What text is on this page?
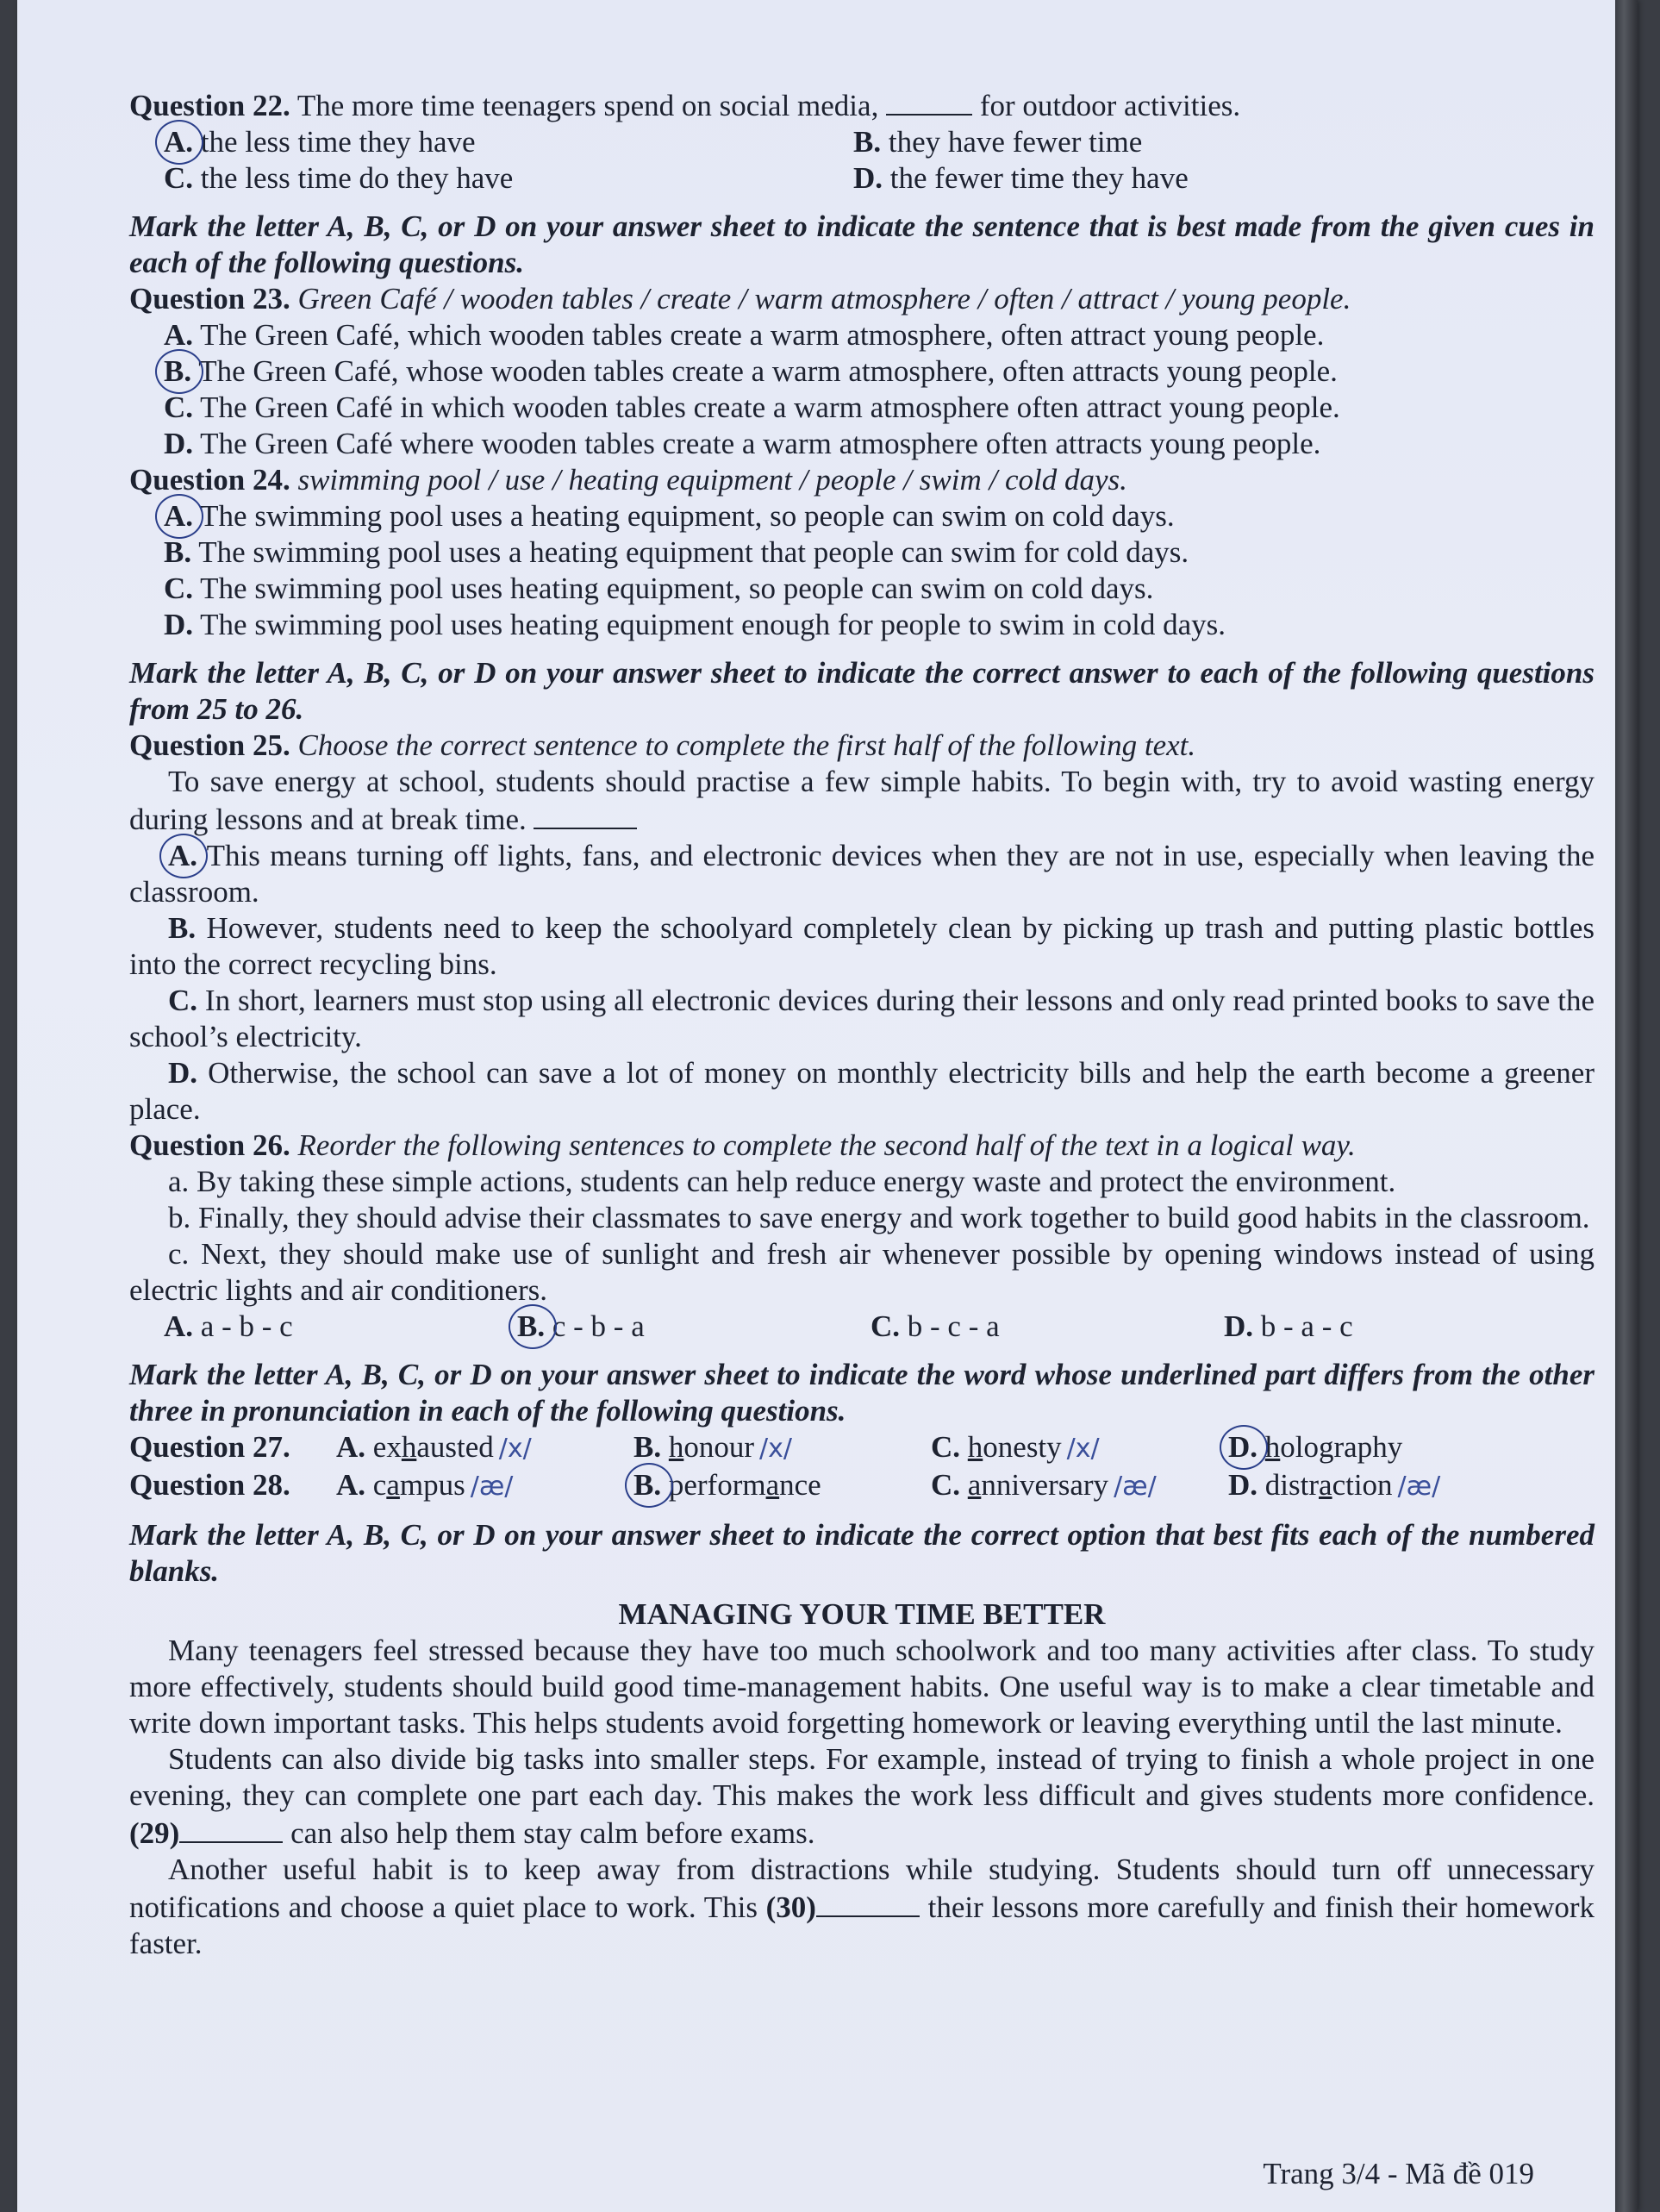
Question 22. The more time teenagers spend on social media,	for outdoor activities.
A. the less time they have	B. they have fewer time
C. the less time do they have	D. the fewer time they have
Mark the letter A, B, C, or D on your answer sheet to indicate the sentence that is best made from the given cues in each of the following questions.
Question 23. Green Café / wooden tables / create / warm atmosphere / often / attract / young people.
A. The Green Café, which wooden tables create a warm atmosphere, often attract young people.
B. The Green Café, whose wooden tables create a warm atmosphere, often attracts young people.
C. The Green Café in which wooden tables create a warm atmosphere often attract young people.
D. The Green Café where wooden tables create a warm atmosphere often attracts young people.
Question 24. swimming pool / use / heating equipment / people / swim / cold days.
A. The swimming pool uses a heating equipment, so people can swim on cold days.
B. The swimming pool uses a heating equipment that people can swim for cold days.
C. The swimming pool uses heating equipment, so people can swim on cold days.
D. The swimming pool uses heating equipment enough for people to swim in cold days.
Mark the letter A, B, C, or D on your answer sheet to indicate the correct answer to each of the following questions from 25 to 26.
Question 25. Choose the correct sentence to complete the first half of the following text.
To save energy at school, students should practise a few simple habits. To begin with, try to avoid wasting energy during lessons and at break time.
A. This means turning off lights, fans, and electronic devices when they are not in use, especially when leaving the classroom.
B. However, students need to keep the schoolyard completely clean by picking up trash and putting plastic bottles into the correct recycling bins.
C. In short, learners must stop using all electronic devices during their lessons and only read printed books to save the school’s electricity.
D. Otherwise, the school can save a lot of money on monthly electricity bills and help the earth become a greener place.
Question 26. Reorder the following sentences to complete the second half of the text in a logical way.
a. By taking these simple actions, students can help reduce energy waste and protect the environment.
b. Finally, they should advise their classmates to save energy and work together to build good habits in the classroom.
c. Next, they should make use of sunlight and fresh air whenever possible by opening windows instead of using electric lights and air conditioners.
A. a - b - c	B. c - b - a	C. b - c - a	D. b - a - c
Mark the letter A, B, C, or D on your answer sheet to indicate the word whose underlined part differs from the other three in pronunciation in each of the following questions.
Question 27.	A. exhausted /x/	B. honour /x/	C. honesty /x/	D. holography
Question 28.	A. campus /æ/	B. performance	C. anniversary /æ/	D. distraction /æ/
Mark the letter A, B, C, or D on your answer sheet to indicate the correct option that best fits each of the numbered blanks.
MANAGING YOUR TIME BETTER
Many teenagers feel stressed because they have too much schoolwork and too many activities after class. To study more effectively, students should build good time-management habits. One useful way is to make a clear timetable and write down important tasks. This helps students avoid forgetting homework or leaving everything until the last minute.
Students can also divide big tasks into smaller steps. For example, instead of trying to finish a whole project in one evening, they can complete one part each day. This makes the work less difficult and gives students more confidence. (29)	can also help them stay calm before exams.
Another useful habit is to keep away from distractions while studying. Students should turn off unnecessary notifications and choose a quiet place to work. This (30)	their lessons more carefully and finish their homework faster.
Trang 3/4 - Mã đề 019
